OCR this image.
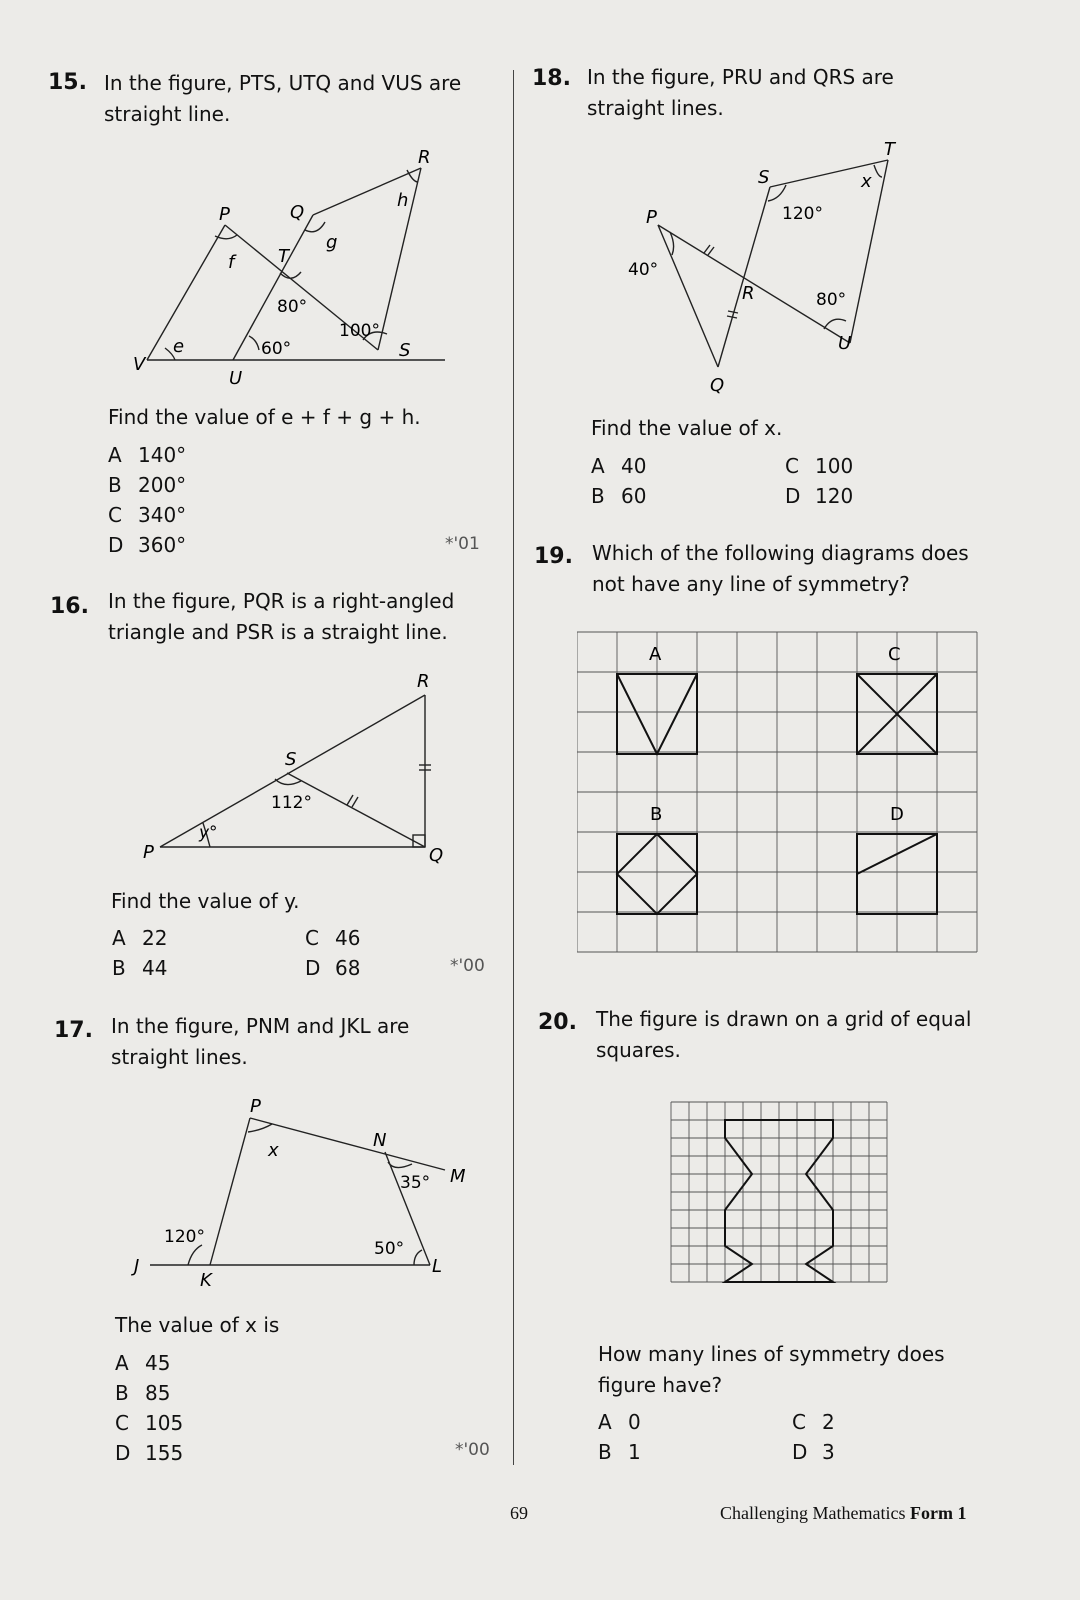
15. In the figure, PTS, UTQ and VUS are
straight line.
R
h
P	Q
g
f T
80°
100°
e	60°
V
U
S
Find the value of e + f + g + h.
A 140°
B 200°
C 340°
D 360°	*'01
16. In the figure, PQR is a right-angled
triangle and PSR is a straight line.
R
S
112°
y°
P	Q
Find the value of y.
A 22
B 44
C 46
D 68	*'00
17. In the figure, PNM and JKL are
straight lines.
P
x	N
M
35°
120°
50°
J
K
L
The value of x is
A 45
B 85
C 105
D 155	*'00
18. In the figure, PRU and QRS are
straight lines.
T
S	x
120°
P
40°
R	80°
U
Q
Find the value of x.
A 40
B 60
C 100
D 120
19. Which of the following diagrams does
not have any line of symmetry?
A	C
B	D
20. The figure is drawn on a grid of equal
squares.
How many lines of symmetry does
figure have?
A 0
B 1
C 2
D 3
69	Challenging Mathematics Form 1
